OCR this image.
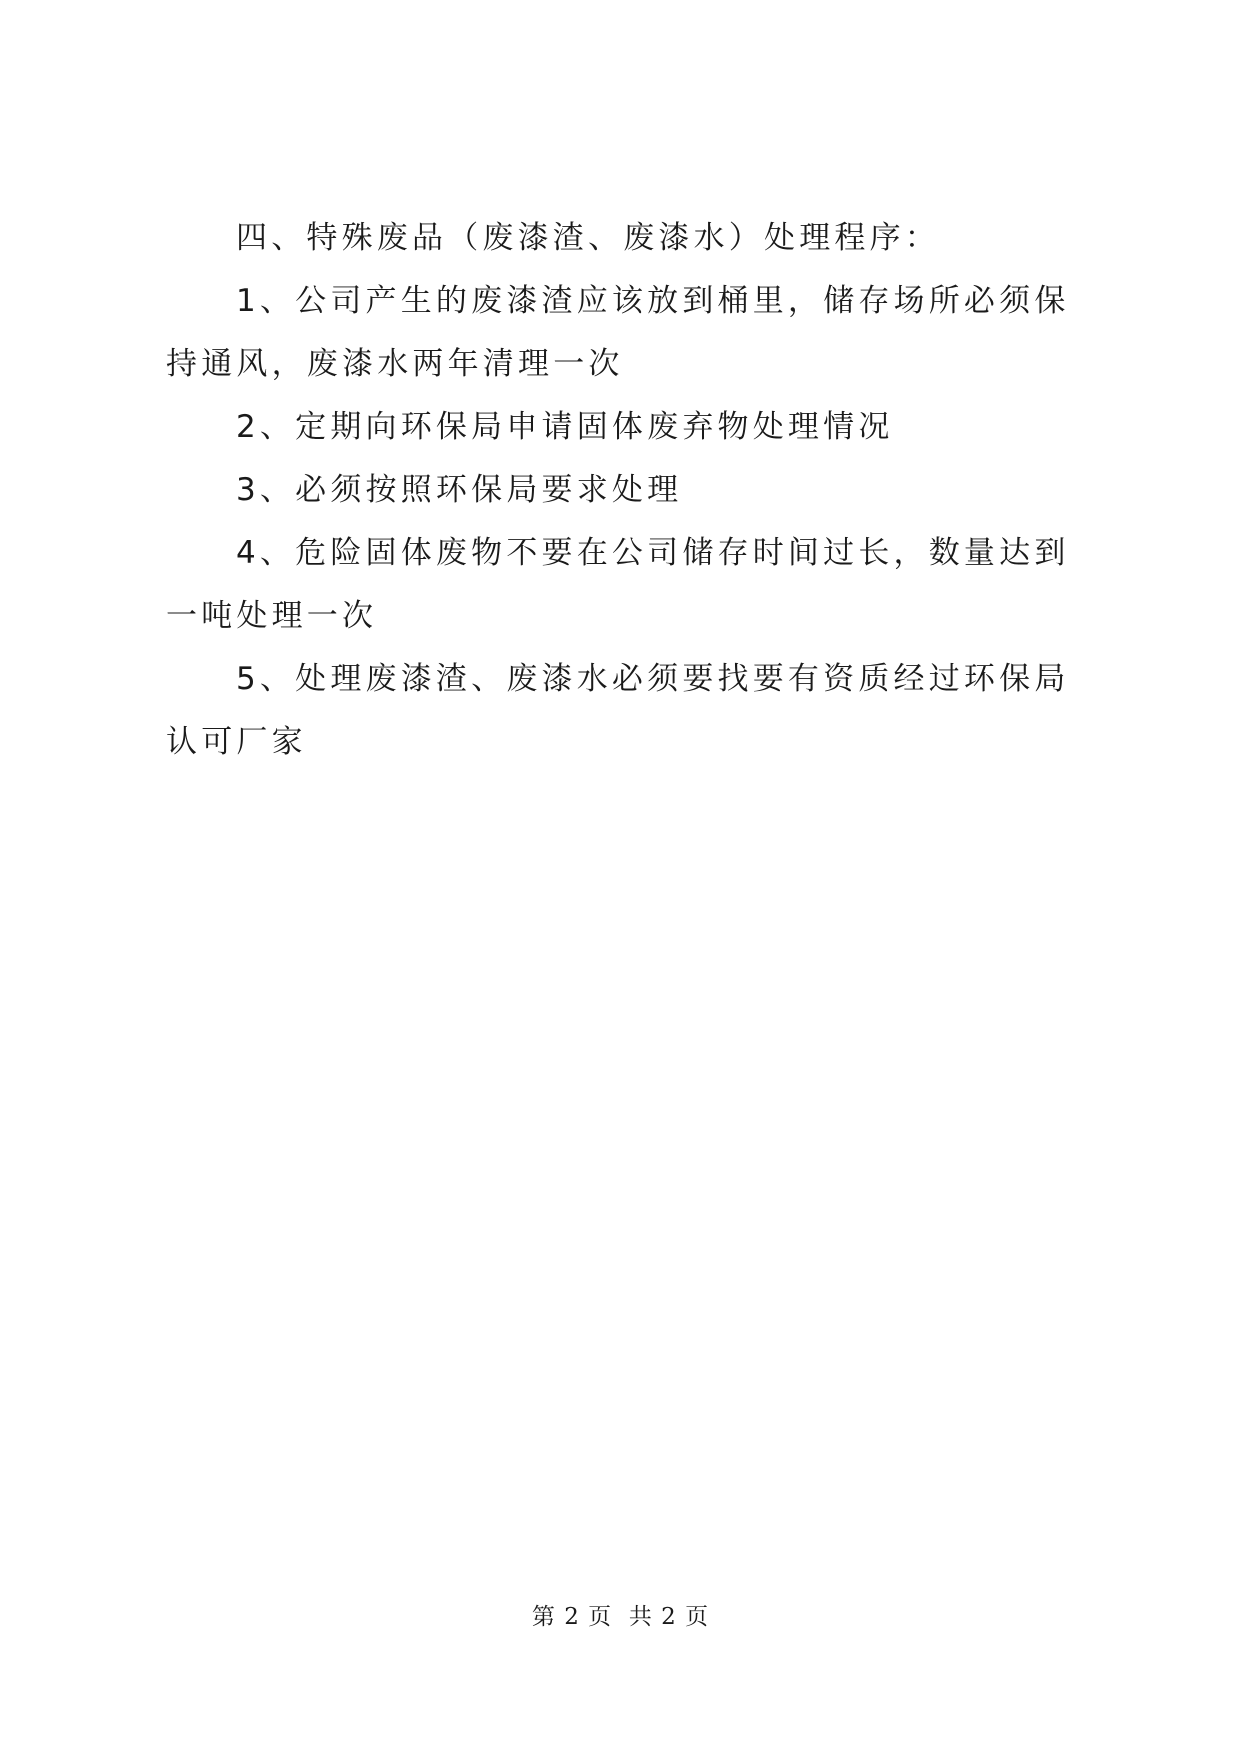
四、特殊废品（废漆渣、废漆水）处理程序：

1、公司产生的废漆渣应该放到桶里，储存场所必须保持通风，废漆水两年清理一次

2、定期向环保局申请固体废弃物处理情况

3、必须按照环保局要求处理

4、危险固体废物不要在公司储存时间过长，数量达到一吨处理一次

5、处理废漆渣、废漆水必须要找要有资质经过环保局认可厂家

第 2 页 共 2 页
